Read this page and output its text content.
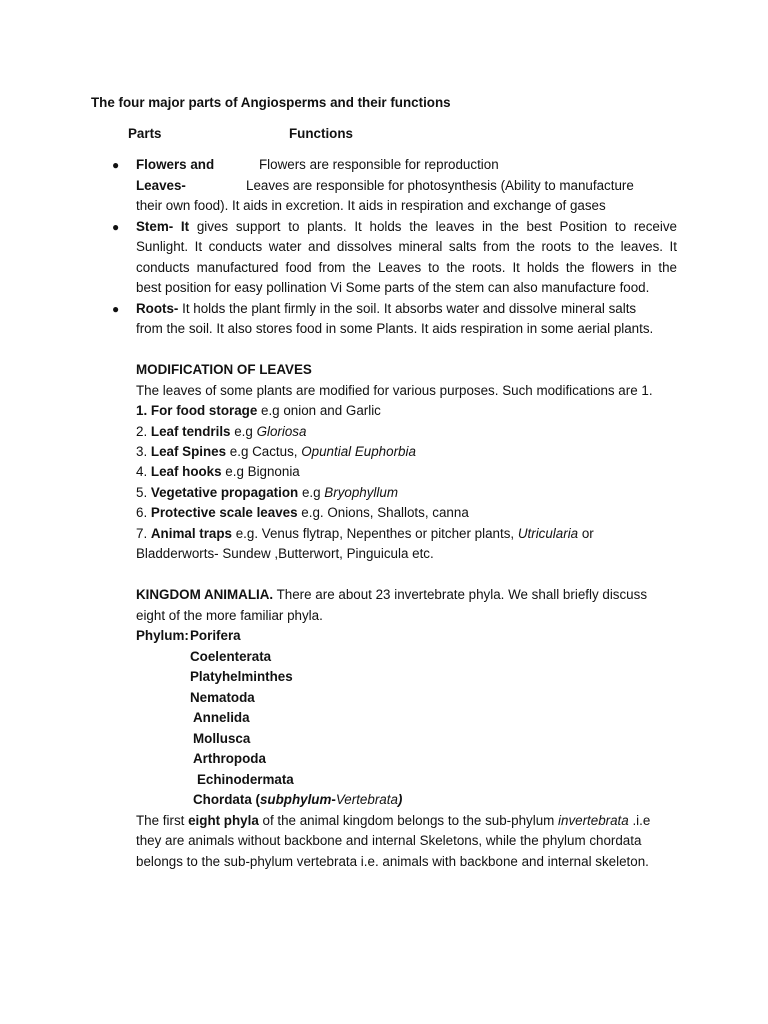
The four major parts of Angiosperms and their functions
Parts	Functions
● Flowers and	Flowers are responsible for reproduction
Leaves-	Leaves are responsible for photosynthesis (Ability to manufacture
their own food). It aids in excretion. It aids in respiration and exchange of gases
● Stem- It gives support to plants. It holds the leaves in the best Position to receive
Sunlight. It conducts water and dissolves mineral salts from the roots to the leaves. It
conducts manufactured food from the Leaves to the roots. It holds the flowers in the
best position for easy pollination Vi Some parts of the stem can also manufacture food.
● Roots- It holds the plant firmly in the soil. It absorbs water and dissolve mineral salts
from the soil. It also stores food in some Plants. It aids respiration in some aerial plants.
MODIFICATION OF LEAVES
The leaves of some plants are modified for various purposes. Such modifications are 1.
1. For food storage e.g onion and Garlic
2. Leaf tendrils e.g Gloriosa
3. Leaf Spines e.g Cactus, Opuntial Euphorbia
4. Leaf hooks e.g Bignonia
5. Vegetative propagation e.g Bryophyllum
6. Protective scale leaves e.g. Onions, Shallots, canna
7. Animal traps e.g. Venus flytrap, Nepenthes or pitcher plants, Utricularia or
Bladderworts- Sundew ,Butterwort, Pinguicula etc.
KINGDOM ANIMALIA. There are about 23 invertebrate phyla. We shall briefly discuss
eight of the more familiar phyla.
Phylum: Porifera
Coelenterata
Platyhelminthes
Nematoda
Annelida
Mollusca
Arthropoda
Echinodermata
Chordata (subphylum-Vertebrata)
The first eight phyla of the animal kingdom belongs to the sub-phylum invertebrata .i.e
they are animals without backbone and internal Skeletons, while the phylum chordata
belongs to the sub-phylum vertebrata i.e. animals with backbone and internal skeleton.
